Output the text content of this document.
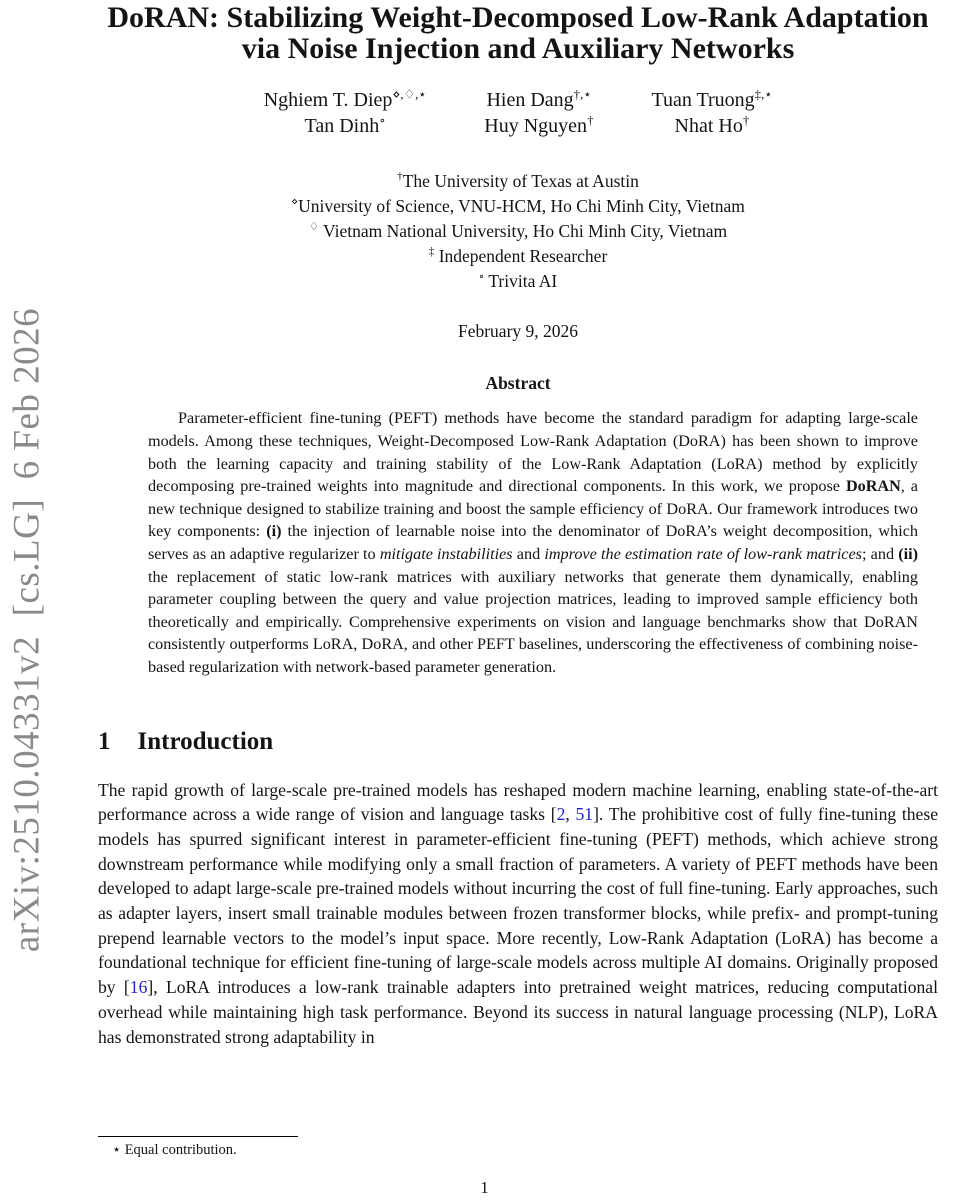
arXiv:2510.04331v2  [cs.LG]  6 Feb 2026
DoRAN: Stabilizing Weight-Decomposed Low-Rank Adaptation via Noise Injection and Auxiliary Networks
Nghiem T. Diep⋄,♢,⋆	Hien Dang†,⋆	Tuan Truong‡,⋆
Tan Dinh∘	Huy Nguyen†	Nhat Ho†
†The University of Texas at Austin
⋄University of Science, VNU-HCM, Ho Chi Minh City, Vietnam
♢ Vietnam National University, Ho Chi Minh City, Vietnam
‡ Independent Researcher
∘ Trivita AI
February 9, 2026
Abstract

Parameter-efficient fine-tuning (PEFT) methods have become the standard paradigm for adapting large-scale models. Among these techniques, Weight-Decomposed Low-Rank Adaptation (DoRA) has been shown to improve both the learning capacity and training stability of the Low-Rank Adaptation (LoRA) method by explicitly decomposing pre-trained weights into magnitude and directional components. In this work, we propose DoRAN, a new technique designed to stabilize training and boost the sample efficiency of DoRA. Our framework introduces two key components: (i) the injection of learnable noise into the denominator of DoRA’s weight decomposition, which serves as an adaptive regularizer to mitigate instabilities and improve the estimation rate of low-rank matrices; and (ii) the replacement of static low-rank matrices with auxiliary networks that generate them dynamically, enabling parameter coupling between the query and value projection matrices, leading to improved sample efficiency both theoretically and empirically. Comprehensive experiments on vision and language benchmarks show that DoRAN consistently outperforms LoRA, DoRA, and other PEFT baselines, underscoring the effectiveness of combining noise-based regularization with network-based parameter generation.

1 Introduction

The rapid growth of large-scale pre-trained models has reshaped modern machine learning, enabling state-of-the-art performance across a wide range of vision and language tasks [2, 51]. The prohibitive cost of fully fine-tuning these models has spurred significant interest in parameter-efficient fine-tuning (PEFT) methods, which achieve strong downstream performance while modifying only a small fraction of parameters. A variety of PEFT methods have been developed to adapt large-scale pre-trained models without incurring the cost of full fine-tuning. Early approaches, such as adapter layers, insert small trainable modules between frozen transformer blocks, while prefix- and prompt-tuning prepend learnable vectors to the model’s input space. More recently, Low-Rank Adaptation (LoRA) has become a foundational technique for efficient fine-tuning of large-scale models across multiple AI domains. Originally proposed by [16], LoRA introduces a low-rank trainable adapters into pretrained weight matrices, reducing computational overhead while maintaining high task performance. Beyond its success in natural language processing (NLP), LoRA has demonstrated strong adaptability in

⋆ Equal contribution.
1
